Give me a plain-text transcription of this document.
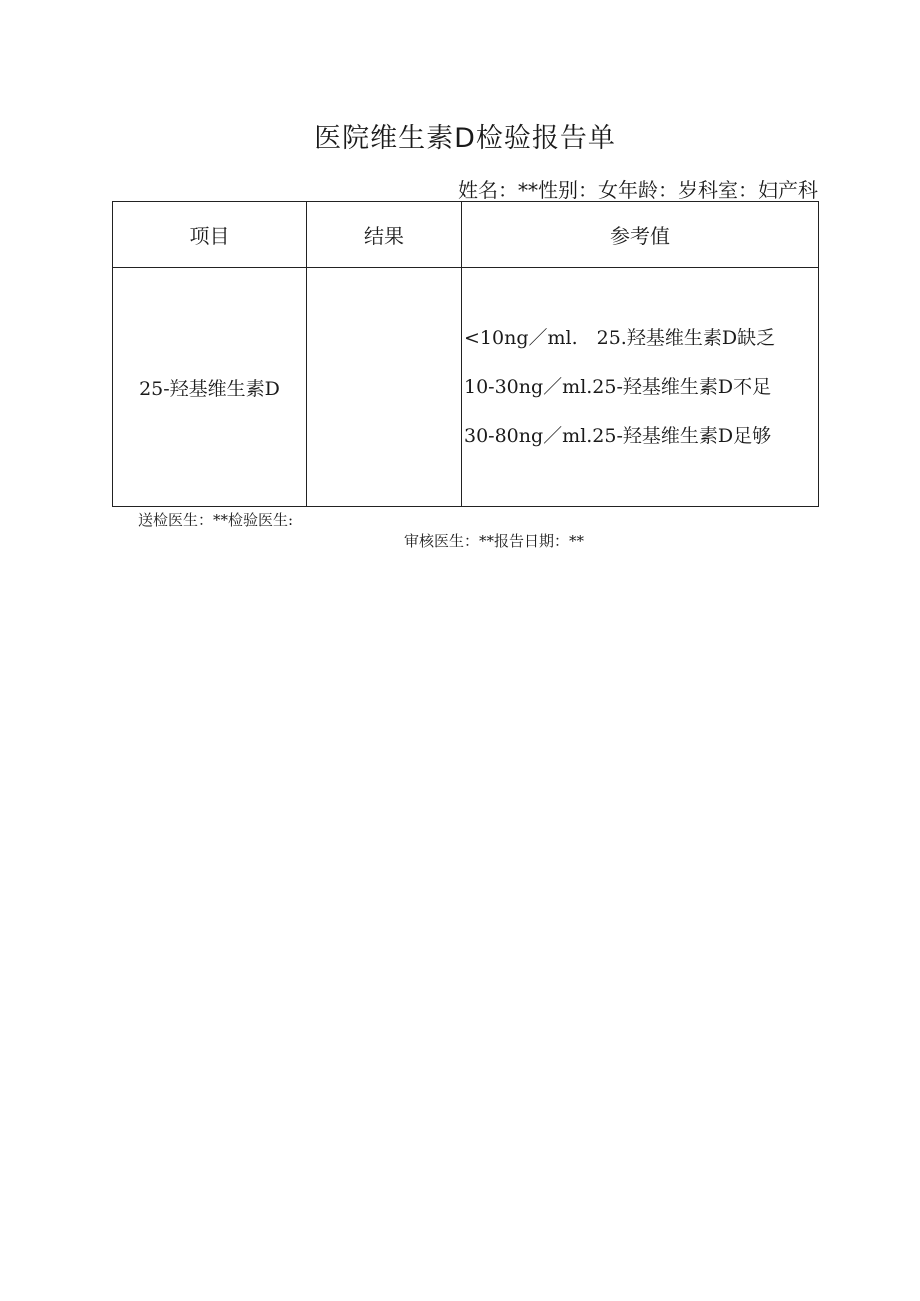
医院维生素D检验报告单
姓名：**性别：女年龄：岁科室：妇产科
项目	结果	参考值
25-羟基维生素D		<10ng／ml.　25.羟基维生素D缺乏
10-30ng／ml.25-羟基维生素D不足
30-80ng／ml.25-羟基维生素D足够
送检医生：**检验医生:
审核医生：**报告日期：**
